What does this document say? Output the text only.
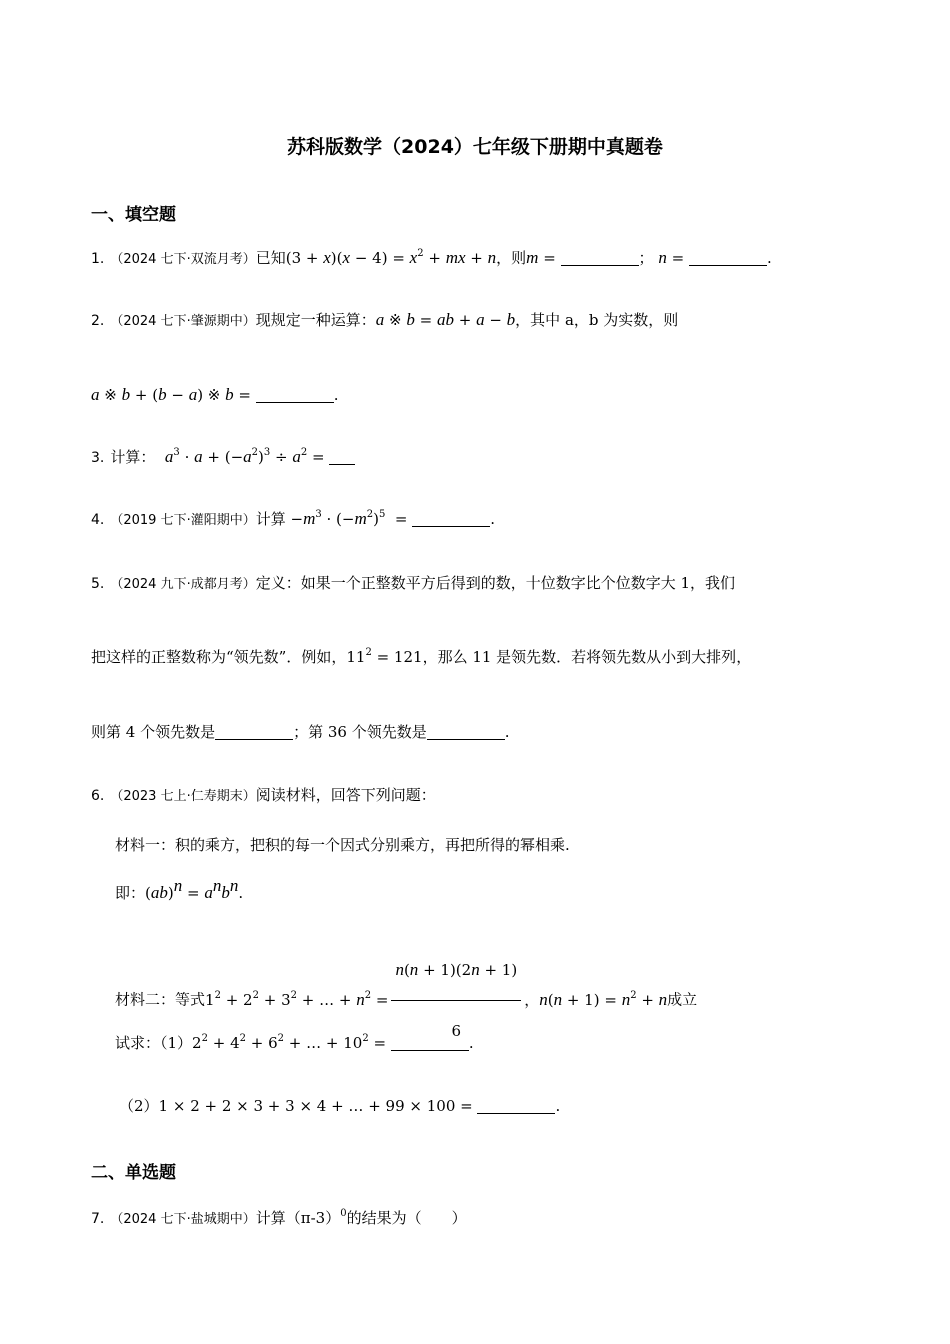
苏科版数学（2024）七年级下册期中真题卷
一、填空题
1. （2024 七下·双流月考）已知$(3 + x)(x - 4) = x^2$ + mx + n，则m =	； n =	.
2. （2024 七下·肇源期中）现规定一种运算：a ※ b = ab + a − b，其中 a，b 为实数，则
a ※ b + (b − a) ※ b =	.
3. 计算： $a^3 \cdot a + (-a^2)^3 \div a^2$ =
4. （2019 七下·灌阳期中）计算 $-m^3 \cdot (-m^2)^5$  =	.
5. （2024 九下·成都月考）定义：如果一个正整数平方后得到的数，十位数字比个位数字大 1，我们
把这样的正整数称为“领先数”．例如，$11^2 = 121$，那么 11 是领先数．若将领先数从小到大排列，
则第 4 个领先数是	；第 36 个领先数是	.
6. （2023 七上·仁寿期末）阅读材料，回答下列问题：
材料一：积的乘方，把积的每一个因式分别乘方，再把所得的幂相乘.
即：$(ab)^n = a^nb^n$.
材料二：等式$1^2 + 2^2 + 3^2$ + … + $n^2 = \frac{n(n + 1)(2n + 1)}{6}$ ，$n(n + 1) = n^2 + n$成立
试求：$(1)2^2 + 4^2 + 6^2$ + … + $10^2$ =	.
（2）1 × 2 + 2 × 3 + 3 × 4 + … + 99 × 100 =	.
二、单选题
7. （2024 七下·盐城期中）计算$(\pi-3)^0$的结果为（　　）
